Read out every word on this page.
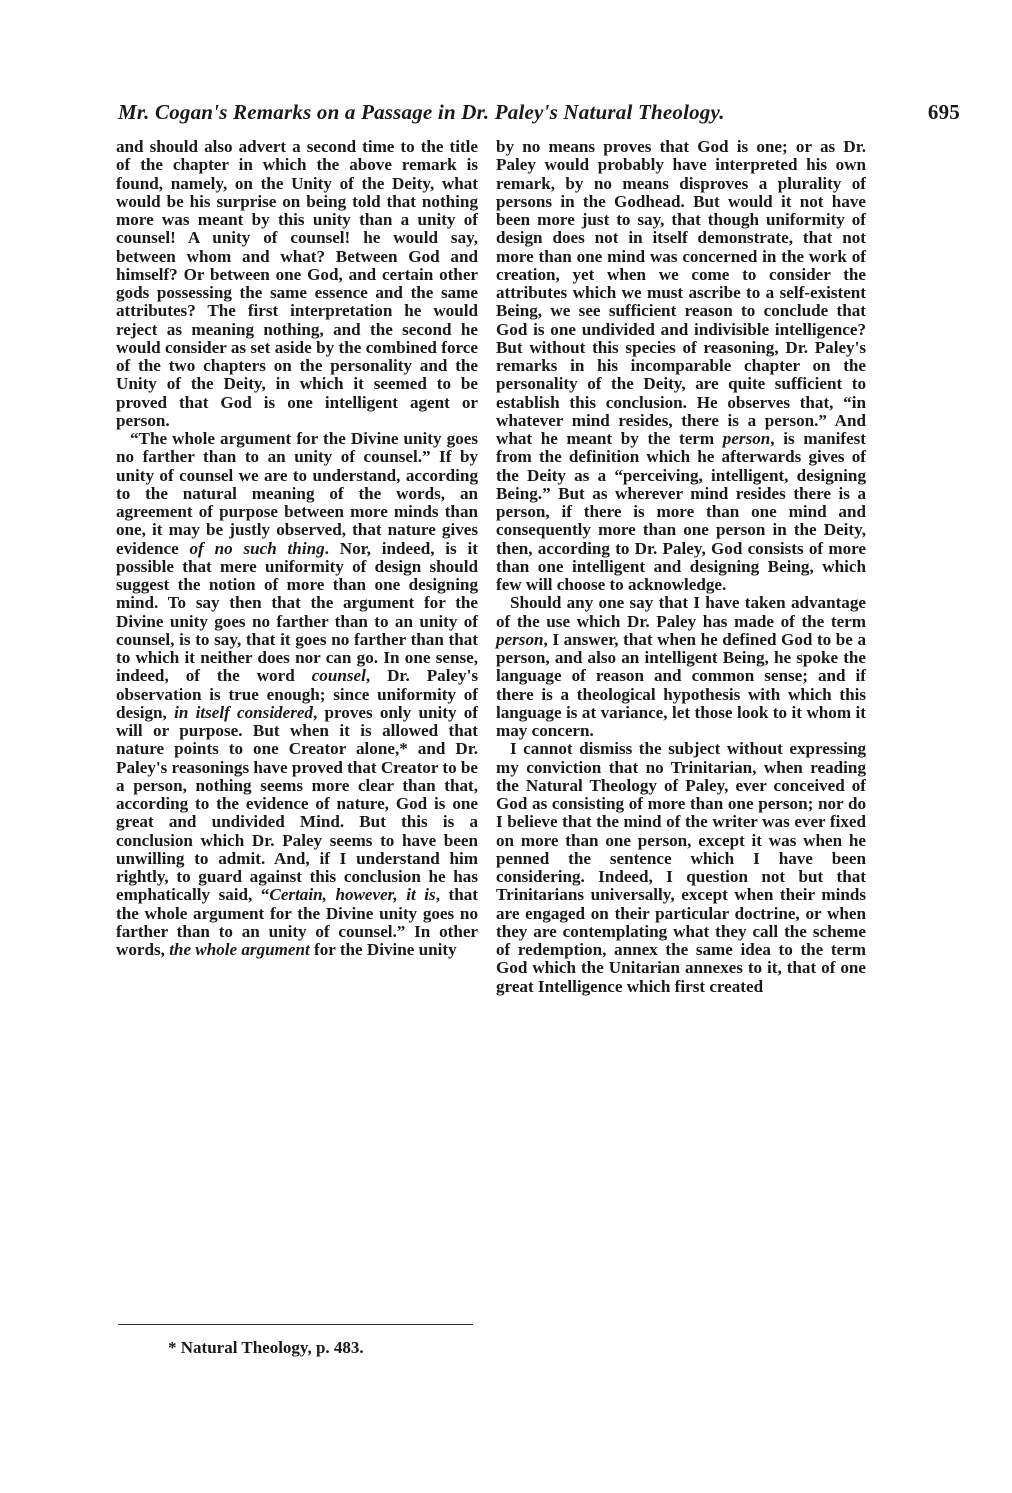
Mr. Cogan's Remarks on a Passage in Dr. Paley's Natural Theology.	695

and should also advert a second time to the title of the chapter in which the above remark is found, namely, on the Unity of the Deity, what would be his surprise on being told that nothing more was meant by this unity than a unity of counsel! A unity of counsel! he would say, between whom and what? Between God and himself? Or between one God, and certain other gods possessing the same essence and the same attributes? The first interpretation he would reject as meaning nothing, and the second he would consider as set aside by the combined force of the two chapters on the personality and the Unity of the Deity, in which it seemed to be proved that God is one intelligent agent or person.

“The whole argument for the Divine unity goes no farther than to an unity of counsel.” If by unity of counsel we are to understand, according to the natural meaning of the words, an agreement of purpose between more minds than one, it may be justly observed, that nature gives evidence of no such thing. Nor, indeed, is it possible that mere uniformity of design should suggest the notion of more than one designing mind. To say then that the argument for the Divine unity goes no farther than to an unity of counsel, is to say, that it goes no farther than that to which it neither does nor can go. In one sense, indeed, of the word counsel, Dr. Paley's observation is true enough; since uniformity of design, in itself considered, proves only unity of will or purpose. But when it is allowed that nature points to one Creator alone,* and Dr. Paley's reasonings have proved that Creator to be a person, nothing seems more clear than that, according to the evidence of nature, God is one great and undivided Mind. But this is a conclusion which Dr. Paley seems to have been unwilling to admit. And, if I understand him rightly, to guard against this conclusion he has emphatically said, “Certain, however, it is, that the whole argument for the Divine unity goes no farther than to an unity of counsel.” In other words, the whole argument for the Divine unity

by no means proves that God is one; or as Dr. Paley would probably have interpreted his own remark, by no means disproves a plurality of persons in the Godhead. But would it not have been more just to say, that though uniformity of design does not in itself demonstrate, that not more than one mind was concerned in the work of creation, yet when we come to consider the attributes which we must ascribe to a self-existent Being, we see sufficient reason to conclude that God is one undivided and indivisible intelligence? But without this species of reasoning, Dr. Paley's remarks in his incomparable chapter on the personality of the Deity, are quite sufficient to establish this conclusion. He observes that, “in whatever mind resides, there is a person.” And what he meant by the term person, is manifest from the definition which he afterwards gives of the Deity as a “perceiving, intelligent, designing Being.” But as wherever mind resides there is a person, if there is more than one mind and consequently more than one person in the Deity, then, according to Dr. Paley, God consists of more than one intelligent and designing Being, which few will choose to acknowledge.

Should any one say that I have taken advantage of the use which Dr. Paley has made of the term person, I answer, that when he defined God to be a person, and also an intelligent Being, he spoke the language of reason and common sense; and if there is a theological hypothesis with which this language is at variance, let those look to it whom it may concern.

I cannot dismiss the subject without expressing my conviction that no Trinitarian, when reading the Natural Theology of Paley, ever conceived of God as consisting of more than one person; nor do I believe that the mind of the writer was ever fixed on more than one person, except it was when he penned the sentence which I have been considering. Indeed, I question not but that Trinitarians universally, except when their minds are engaged on their particular doctrine, or when they are contemplating what they call the scheme of redemption, annex the same idea to the term God which the Unitarian annexes to it, that of one great Intelligence which first created

* Natural Theology, p. 483.
